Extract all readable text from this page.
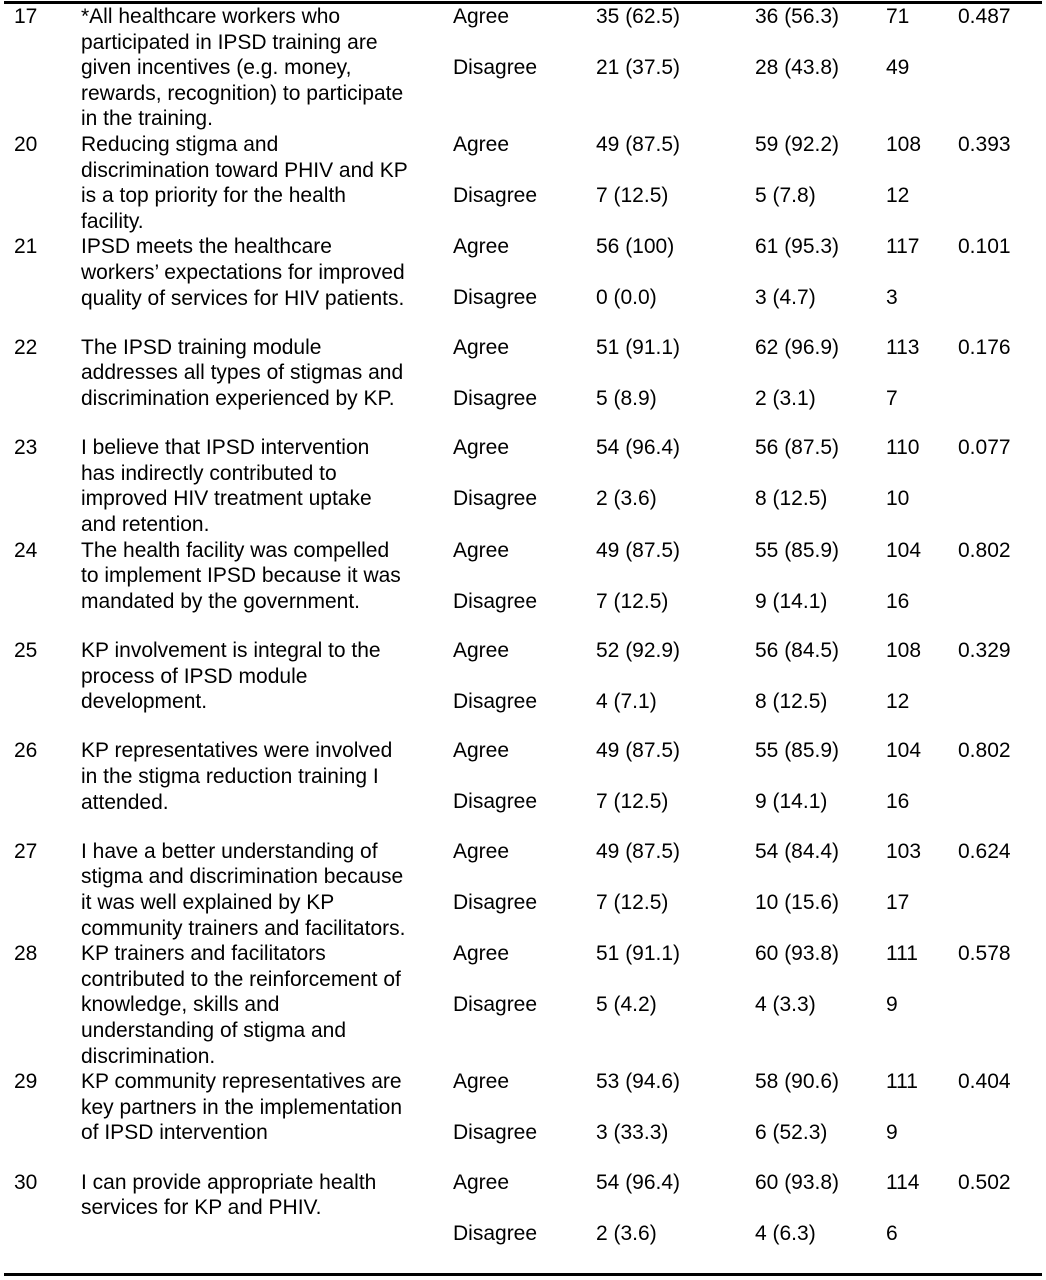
17 *All healthcare workers who
participated in IPSD training are
given incentives (e.g. money,
rewards, recognition) to participate
in the training.
Agree	35 (62.5)	36 (56.3) 71 0.487
Disagree	21 (37.5)	28 (43.8) 49
20 Reducing stigma and
discrimination toward PHIV and KP
is a top priority for the health
facility.
Agree	49 (87.5)	59 (92.2) 108 0.393
Disagree	7 (12.5)	5 (7.8)	12
21 IPSD meets the healthcare
workers’ expectations for improved
quality of services for HIV patients.
Agree	56 (100)	61 (95.3) 117 0.101
Disagree	0 (0.0)	3 (4.7)	3
22 The IPSD training module
addresses all types of stigmas and
discrimination experienced by KP.
Agree	51 (91.1)	62 (96.9) 113 0.176
Disagree	5 (8.9)	2 (3.1)	7
23 I believe that IPSD intervention
has indirectly contributed to
improved HIV treatment uptake
and retention.
Agree	54 (96.4)	56 (87.5) 110 0.077
Disagree	2 (3.6)	8 (12.5)	10
24 The health facility was compelled
to implement IPSD because it was
mandated by the government.
Agree	49 (87.5)	55 (85.9) 104 0.802
Disagree	7 (12.5)	9 (14.1)	16
25 KP involvement is integral to the
process of IPSD module
development.
Agree	52 (92.9)	56 (84.5) 108 0.329
Disagree	4 (7.1)	8 (12.5)	12
26 KP representatives were involved
in the stigma reduction training I
attended.
Agree	49 (87.5)	55 (85.9) 104 0.802
Disagree	7 (12.5)	9 (14.1)	16
27 I have a better understanding of
stigma and discrimination because
it was well explained by KP
community trainers and facilitators.
Agree	49 (87.5)	54 (84.4) 103 0.624
Disagree	7 (12.5)	10 (15.6) 17
28 KP trainers and facilitators
contributed to the reinforcement of
knowledge, skills and
understanding of stigma and
discrimination.
Agree	51 (91.1)	60 (93.8) 111 0.578
Disagree	5 (4.2)	4 (3.3)	9
29 KP community representatives are
key partners in the implementation
of IPSD intervention
Agree	53 (94.6)	58 (90.6) 111 0.404
Disagree	3 (33.3)	6 (52.3)	9
30 I can provide appropriate health
services for KP and PHIV.
Agree	54 (96.4)	60 (93.8) 114 0.502
Disagree	2 (3.6)	4 (6.3)	6
